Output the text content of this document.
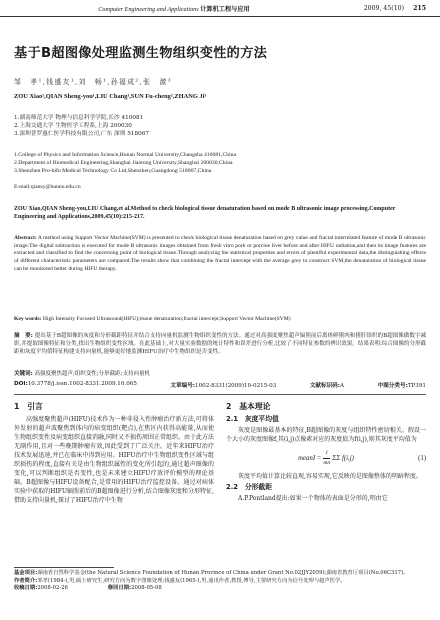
Computer Engineering and Applications 计算机工程与应用	2009, 45(10)	215
基于B超图像处理监测生物组织变性的方法
邹　孝¹,钱盛友¹,刘　畅¹,孙福成²,张　激³
ZOU Xiao¹,QIAN Sheng-you¹,LIU Chang¹,SUN Fu-cheng²,ZHANG Ji³
1.湖南师范大学 物理与信息科学学院,长沙 410081
2.上海交通大学 生物医学工程系,上海 200030
3.深圳普罗惠仁医学科技有限公司,广东 深圳 518067
1.College of Physics and Information Science,Hunan Normal University,Changsha 410081,China
2.Department of Biomedical Engineering,Shanghai Jiaotong University,Shanghai 200030,China
3.Shenzhen Pro-hifu Medical Technology Co Ltd,Shenzhen,Guangdong 518067,China
E-mail:qiansy@hunnu.edu.cn
ZOU Xiao,QIAN Sheng-you,LIU Chang,et al.Method to check biological tissue denaturation based on mode B ultrasonic image processing.Computer Engineering and Applications,2009,45(10):215-217.
Abstract: A method using Support Vector Machine(SVM) is presented to check biological tissue denaturation based on grey value and fractal interrelated feature of mode B ultrasonic image.The digital subtraction is executed for mode B ultrasonic images obtained from fresh vitro pork or porcine liver before and after HIFU radiation,and then its image features are extracted and classified to find the concerning point of biological tissue.Through analyzing the statistical properties and errors of plentiful experimental data,the distinguishing effects of different characteristic parameters are compared.The results show that combining the fractal intercept with the average grey to construct SVM,the denaturation of biological tissue can be monitored better during HIFU therapy.
Key words: High Intensity Focused Ultrasound(HIFU);tissue denaturation;fractal intercept;Support Vector Machine(SVM)
摘　要: 提出基于B超图像的灰度和分形截距特征并结合支持向量机监测生物组织变性的方法。通过对高强度聚焦超声辐照前后离体鲜猪肉和猪肝组织的B超图像做数字减影,并提取图像特征和分类,找出生物组织变性区域。在此基础上,对大量实验数据的统计特性和误差进行分析,比较了不同特征参数的辨识效果。结果表明:综合图像的分形截距和灰度平均值特征构建支持向量机,能够更好地监测HIFU治疗中生物组织是否变性。
关键词: 高强度聚焦超声;组织变性;分形截距;支持向量机
DOI:10.3778/j.issn.1002-8331.2009.10.065	文章编号:1002-8331(2009)10-0215-03	文献标识码:A	中图分类号:TP391
1　引言
高强度聚焦超声(HIFU)技术作为一种非侵入性肿瘤治疗新方法,可将体外发射的超声波聚焦到体内的病变组织(靶点),在焦区内获得高能量,从而使生物组织变性及病变组织直接消融,同时又不损伤周围正常组织。由于此方法无副作用,且对一些晚期肿瘤有效,因此受到了广泛关注。近年来HIFU治疗技术发展迅速,并已在临床中得到应用。HIFU治疗中生物组织变性区域与组织损伤的程度,直接有关是由生物组织属性的变化所引起的,通过超声图像的变化,可以判断组织是否变性,也是未来建立HIFU疗效评价模型的理论基础。B超图像与HIFU设备配合,是常用的HIFU治疗监控设备。通过对病体实验中获取的HIFU辐照前后的B超图像进行分析,结合图像灰度和分形特征,借助支持向量机,探讨了HIFU治疗中生物
2　基本理论
2.1　灰度平均值
灰度是图像最基本的特征,B超图像的灰度与组织特性密切相关。假设一个大小的灰度图像f,其(i,j)点像素对应的灰度值为f(i,j),则其灰度平均值为
meanI = $\frac{1}{mn}$ ΣΣ f(i,j)	(1)
灰度平均值计算比较直观,容易实现,它反映的是图像整体的明暗程度。
2.2　分形截距
A.P.Pentland提出:如果一个物体的表面是分形的,明由它
基金项目:湖南省自然科学基金(the Natural Science Foundation of Hunan Province of China under Grant No.02JJY2059);湖南省教育厅项目(No.06C317)。
作者简介:邹孝(1984-),男,硕士研究生,研究方向为数字图像处理;钱盛友(1965-),男,通讯作者,教授,博导,主要研究方向为信号处理与超声医学。
收稿日期:2008-02-26	修回日期:2008-05-08
